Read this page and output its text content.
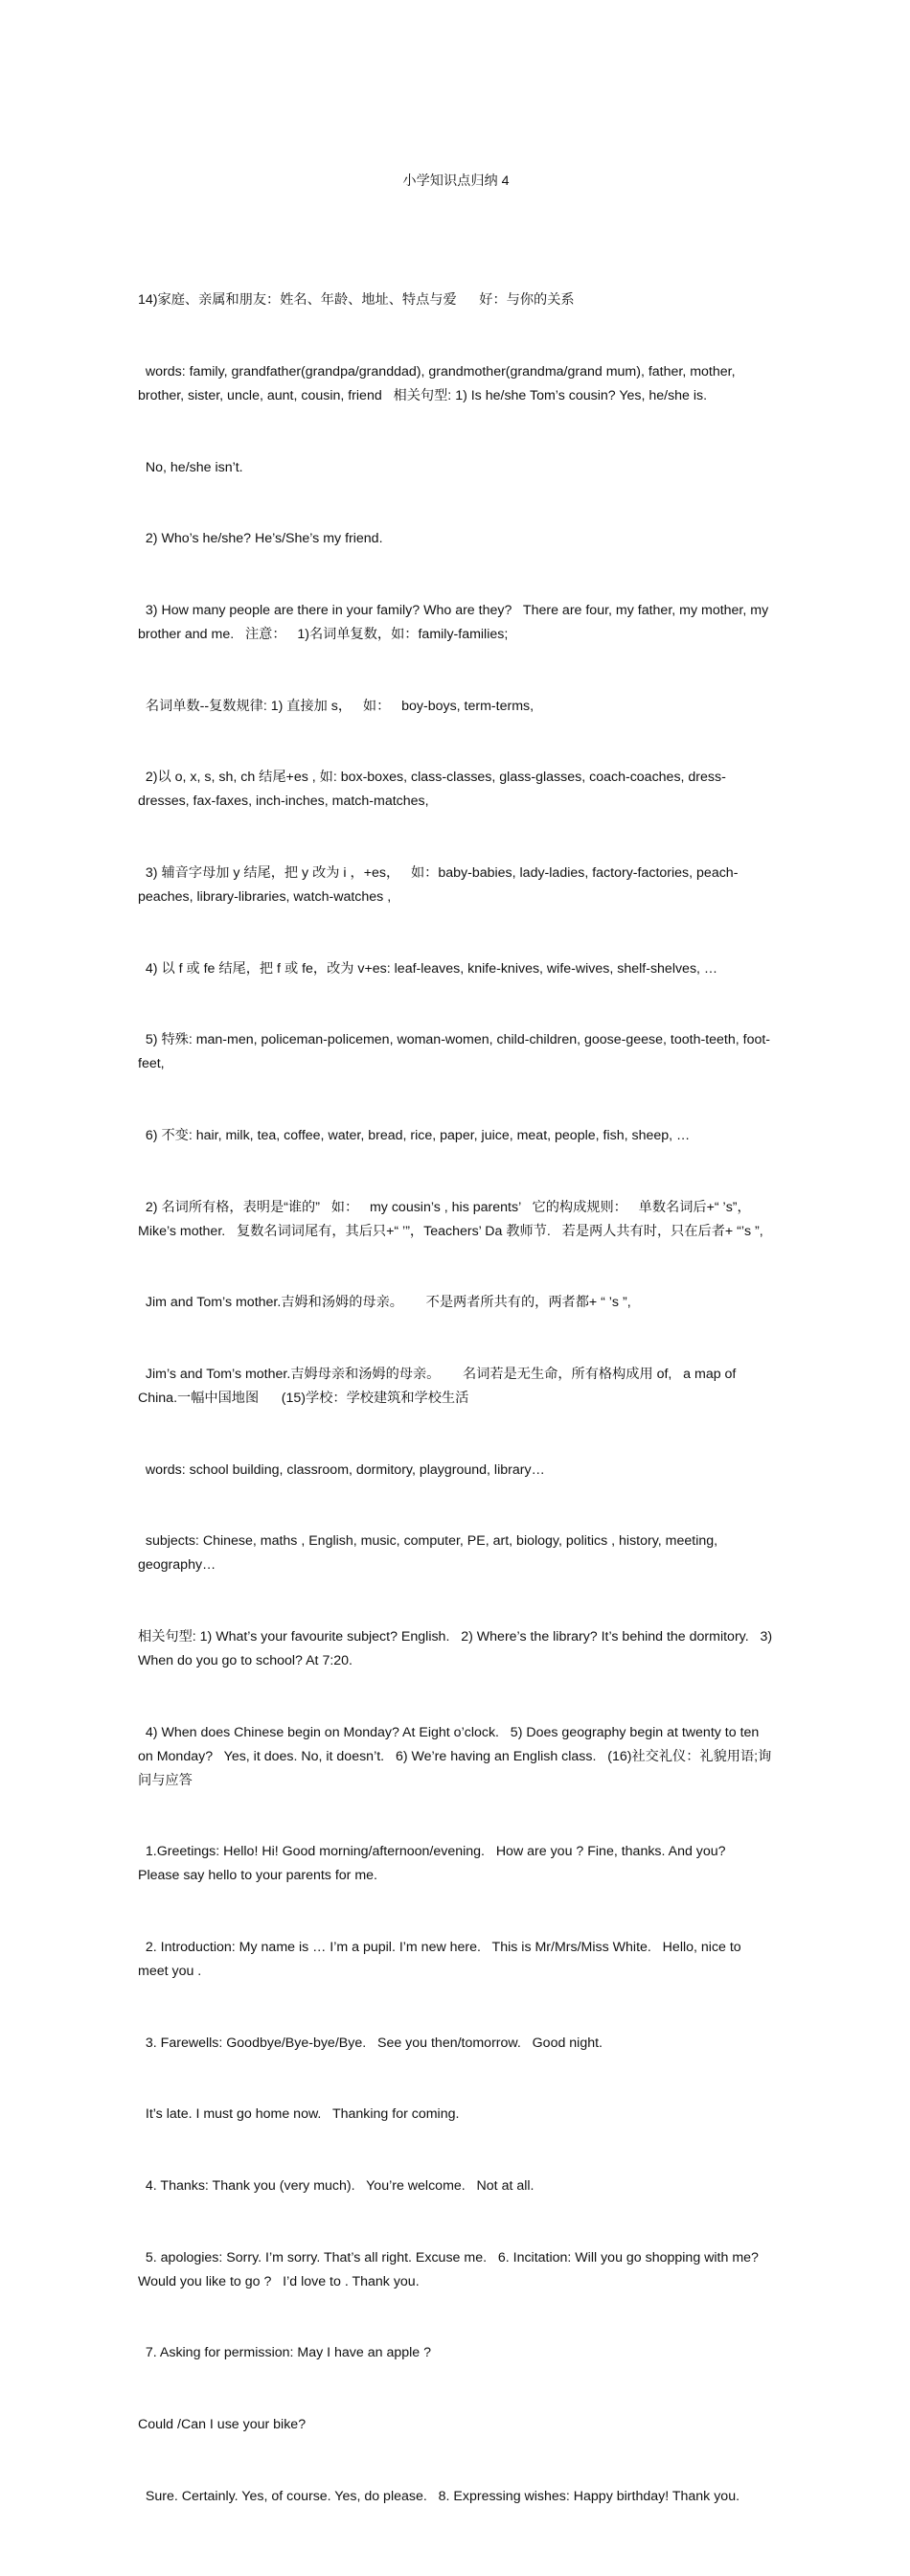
小学知识点归纳 4

14)家庭、亲属和朋友：姓名、年龄、地址、特点与爱      好：与你的关系

words: family, grandfather(grandpa/granddad), grandmother(grandma/grand mum), father, mother, brother, sister, uncle, aunt, cousin, friend   相关句型: 1) Is he/she Tom’s cousin? Yes, he/she is.

No, he/she isn’t.

2) Who’s he/she? He’s/She’s my friend.

3) How many people are there in your family? Who are they?   There are four, my father, my mother, my brother and me.   注意：   1)名词单复数，如：family-families;

名词单数--复数规律: 1) 直接加 s，   如：   boy-boys, term-terms,

2)以 o, x, s, sh, ch 结尾+es , 如: box-boxes, class-classes, glass-glasses, coach-coaches, dress-dresses, fax-faxes, inch-inches, match-matches,

3) 辅音字母加 y 结尾，把 y 改为 i ，+es，   如：baby-babies, lady-ladies, factory-factories, peach-peaches, library-libraries, watch-watches ,

4) 以 f 或 fe 结尾，把 f 或 fe，改为 v+es: leaf-leaves, knife-knives, wife-wives, shelf-shelves, …

5) 特殊: man-men, policeman-policemen, woman-women, child-children, goose-geese, tooth-teeth, foot-feet,

6) 不变: hair, milk, tea, coffee, water, bread, rice, paper, juice, meat, people, fish, sheep, …

2) 名词所有格，表明是“谁的”   如：   my cousin’s , his parents’   它的构成规则：   单数名词后+“ ’s”，   Mike’s mother.   复数名词词尾有，其后只+“ ’”，Teachers’ Da 教师节.   若是两人共有时，只在后者+ “’s ”,

Jim and Tom’s mother.吉姆和汤姆的母亲。      不是两者所共有的，两者都+ “ ’s ”,

Jim’s and Tom’s mother.吉姆母亲和汤姆的母亲。      名词若是无生命，所有格构成用 of,   a map of China.一幅中国地图      (15)学校：学校建筑和学校生活

words: school building, classroom, dormitory, playground, library…

subjects: Chinese, maths , English, music, computer, PE, art, biology, politics , history, meeting, geography…

相关句型: 1) What’s your favourite subject? English.   2) Where’s the library? It’s behind the dormitory.   3) When do you go to school? At 7:20.

4) When does Chinese begin on Monday? At Eight o’clock.   5) Does geography begin at twenty to ten on Monday?   Yes, it does. No, it doesn’t.   6) We’re having an English class.   (16)社交礼仪：礼貌用语;询问与应答

1.Greetings: Hello! Hi! Good morning/afternoon/evening.   How are you ? Fine, thanks. And you?   Please say hello to your parents for me.

2. Introduction: My name is … I’m a pupil. I’m new here.   This is Mr/Mrs/Miss White.   Hello, nice to meet you .

3. Farewells: Goodbye/Bye-bye/Bye.   See you then/tomorrow.   Good night.

It’s late. I must go home now.   Thanking for coming.

4. Thanks: Thank you (very much).   You’re welcome.   Not at all.

5. apologies: Sorry. I’m sorry. That’s all right. Excuse me.   6. Incitation: Will you go shopping with me?   Would you like to go ?   I’d love to . Thank you.

7. Asking for permission: May I have an apple ?

Could /Can I use your bike?

Sure. Certainly. Yes, of course. Yes, do please.   8. Expressing wishes: Happy birthday! Thank you.
